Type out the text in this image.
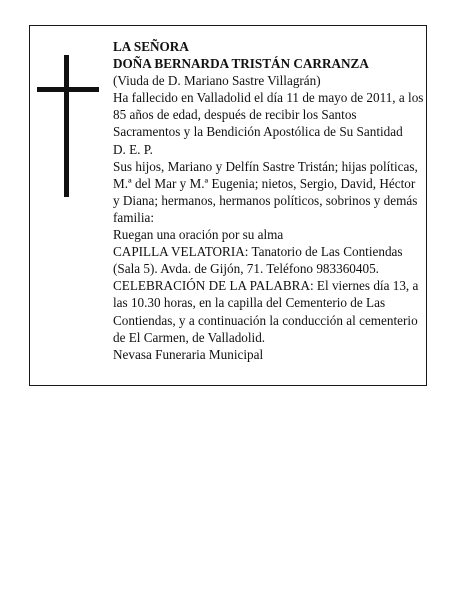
LA SEÑORA

DOÑA BERNARDA TRISTÁN CARRANZA

(Viuda de D. Mariano Sastre Villagrán)

Ha fallecido en Valladolid el día 11 de mayo de 2011, a los 85 años de edad, después de recibir los Santos Sacramentos y la Bendición Apostólica de Su Santidad

D. E. P.

Sus hijos, Mariano y Delfín Sastre Tristán; hijas políticas, M.ª del Mar y M.ª Eugenia; nietos, Sergio, David, Héctor y Diana; hermanos, hermanos políticos, sobrinos y demás familia:

Ruegan una oración por su alma

CAPILLA VELATORIA: Tanatorio de Las Contiendas (Sala 5). Avda. de Gijón, 71. Teléfono 983360405.

CELEBRACIÓN DE LA PALABRA: El viernes día 13, a las 10.30 horas, en la capilla del Cementerio de Las Contiendas, y a continuación la conducción al cementerio de El Carmen, de Valladolid.

Nevasa Funeraria Municipal
